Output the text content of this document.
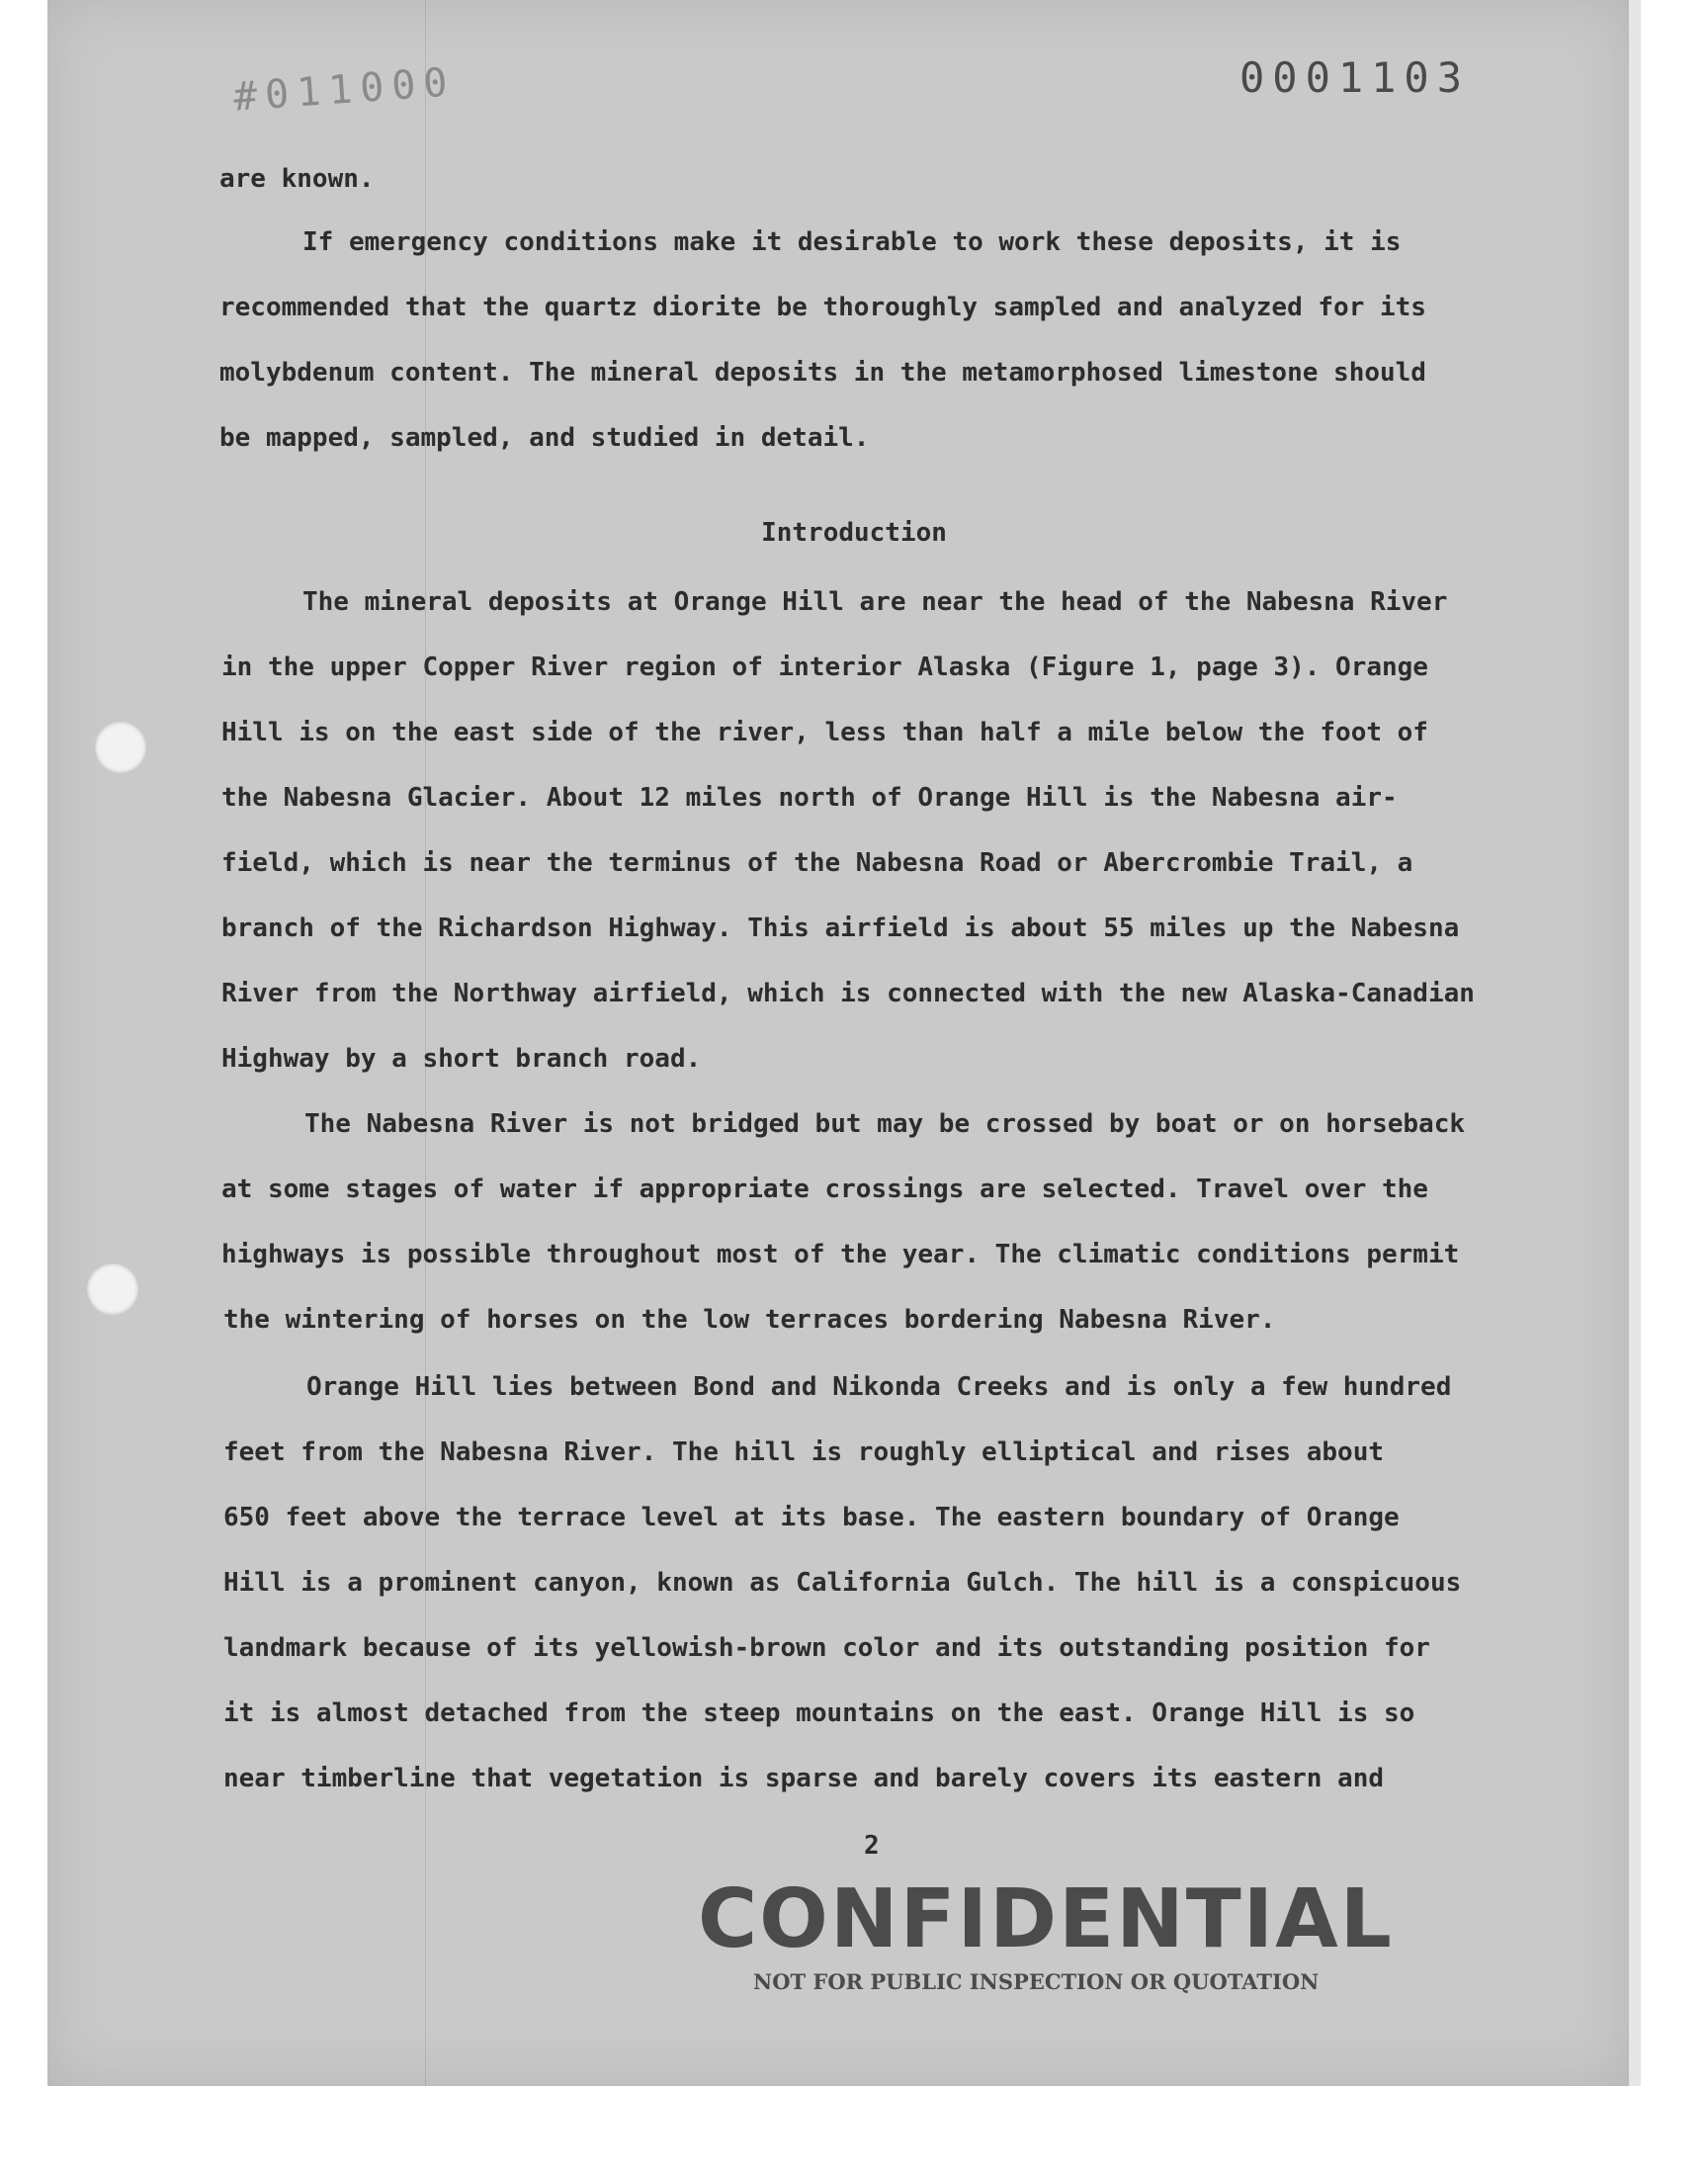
#011000	0001103

are known.

If emergency conditions make it desirable to work these deposits, it is

recommended that the quartz diorite be thoroughly sampled and analyzed for its

molybdenum content. The mineral deposits in the metamorphosed limestone should

be mapped, sampled, and studied in detail.

Introduction

The mineral deposits at Orange Hill are near the head of the Nabesna River

in the upper Copper River region of interior Alaska (Figure 1, page 3). Orange

Hill is on the east side of the river, less than half a mile below the foot of

the Nabesna Glacier. About 12 miles north of Orange Hill is the Nabesna air-

field, which is near the terminus of the Nabesna Road or Abercrombie Trail, a

branch of the Richardson Highway. This airfield is about 55 miles up the Nabesna

River from the Northway airfield, which is connected with the new Alaska-Canadian

Highway by a short branch road.

The Nabesna River is not bridged but may be crossed by boat or on horseback

at some stages of water if appropriate crossings are selected. Travel over the

highways is possible throughout most of the year. The climatic conditions permit

the wintering of horses on the low terraces bordering Nabesna River.

Orange Hill lies between Bond and Nikonda Creeks and is only a few hundred

feet from the Nabesna River. The hill is roughly elliptical and rises about

650 feet above the terrace level at its base. The eastern boundary of Orange

Hill is a prominent canyon, known as California Gulch. The hill is a conspicuous

landmark because of its yellowish-brown color and its outstanding position for

it is almost detached from the steep mountains on the east. Orange Hill is so

near timberline that vegetation is sparse and barely covers its eastern and

2
CONFIDENTIAL
NOT FOR PUBLIC INSPECTION OR QUOTATION
